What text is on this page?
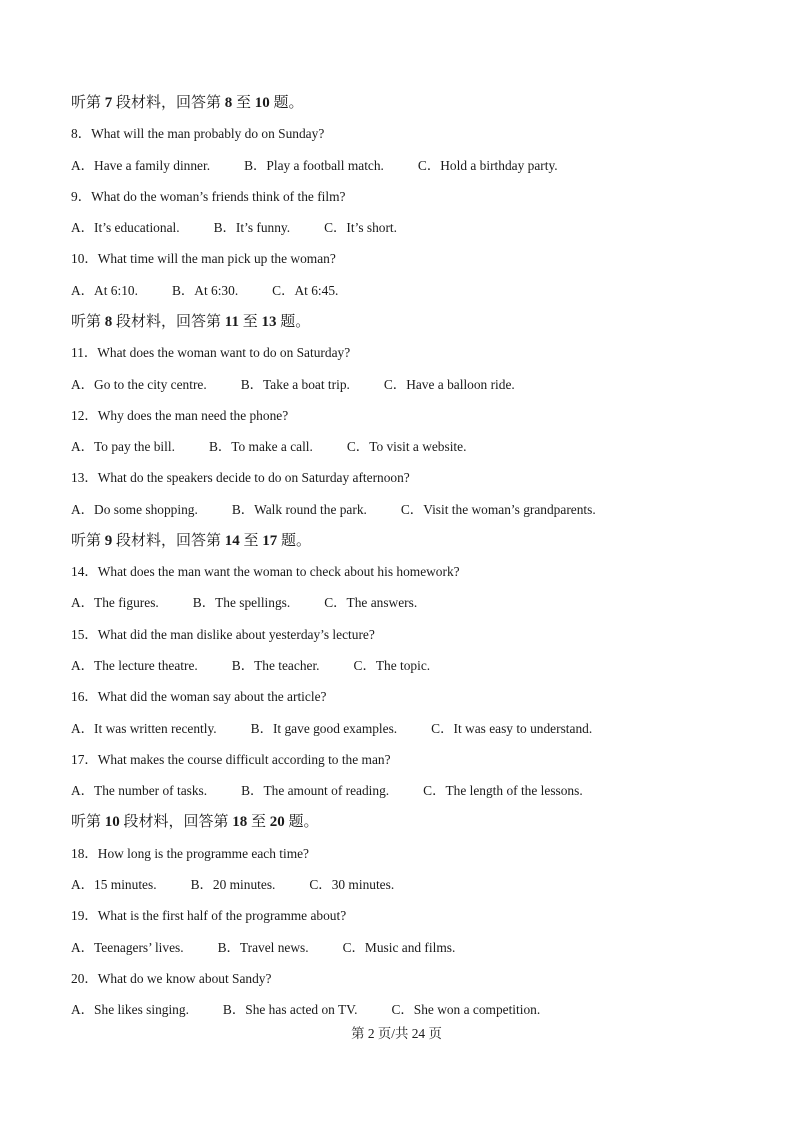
听第 7 段材料，回答第 8 至 10 题。
8．What will the man probably do on Sunday?
A．Have a family dinner.	B．Play a football match.	C．Hold a birthday party.
9．What do the woman’s friends think of the film?
A．It’s educational.	B．It’s funny.	C．It’s short.
10．What time will the man pick up the woman?
A．At 6:10.	B．At 6:30.	C．At 6:45.
听第 8 段材料，回答第 11 至 13 题。
11．What does the woman want to do on Saturday?
A．Go to the city centre.	B．Take a boat trip.	C．Have a balloon ride.
12．Why does the man need the phone?
A．To pay the bill.	B．To make a call.	C．To visit a website.
13．What do the speakers decide to do on Saturday afternoon?
A．Do some shopping.	B．Walk round the park.	C．Visit the woman’s grandparents.
听第 9 段材料，回答第 14 至 17 题。
14．What does the man want the woman to check about his homework?
A．The figures.	B．The spellings.	C．The answers.
15．What did the man dislike about yesterday’s lecture?
A．The lecture theatre.	B．The teacher.	C．The topic.
16．What did the woman say about the article?
A．It was written recently.	B．It gave good examples.	C．It was easy to understand.
17．What makes the course difficult according to the man?
A．The number of tasks.	B．The amount of reading.	C．The length of the lessons.
听第 10 段材料，回答第 18 至 20 题。
18．How long is the programme each time?
A．15 minutes.	B．20 minutes.	C．30 minutes.
19．What is the first half of the programme about?
A．Teenagers’ lives.	B．Travel news.	C．Music and films.
20．What do we know about Sandy?
A．She likes singing.	B．She has acted on TV.	C．She won a competition.
第 2 页/共 24 页
